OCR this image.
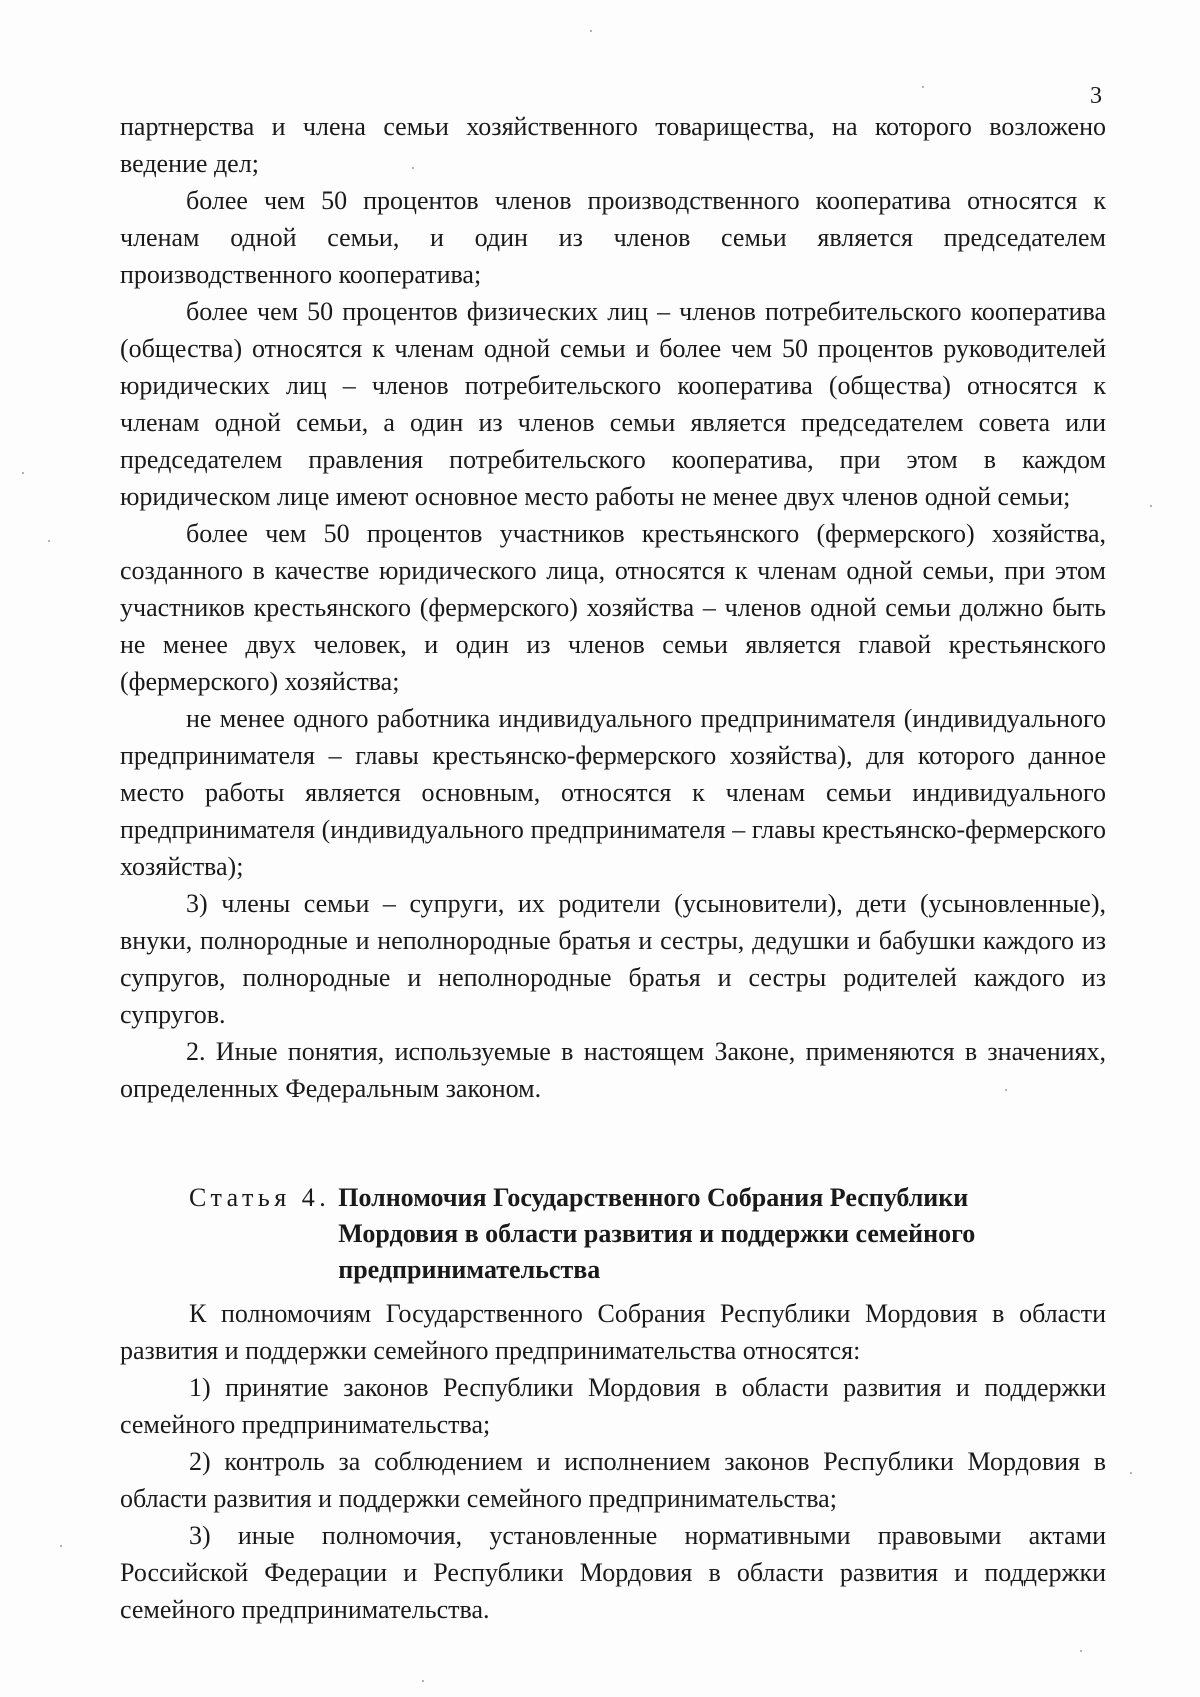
3

партнерства и члена семьи хозяйственного товарищества, на которого возложено ведение дел;

более чем 50 процентов членов производственного кооператива относятся к членам одной семьи, и один из членов семьи является председателем производственного кооператива;

более чем 50 процентов физических лиц – членов потребительского кооператива (общества) относятся к членам одной семьи и более чем 50 процентов руководителей юридических лиц – членов потребительского кооператива (общества) относятся к членам одной семьи, а один из членов семьи является председателем совета или председателем правления потребительского кооператива, при этом в каждом юридическом лице имеют основное место работы не менее двух членов одной семьи;

более чем 50 процентов участников крестьянского (фермерского) хозяйства, созданного в качестве юридического лица, относятся к членам одной семьи, при этом участников крестьянского (фермерского) хозяйства – членов одной семьи должно быть не менее двух человек, и один из членов семьи является главой крестьянского (фермерского) хозяйства;

не менее одного работника индивидуального предпринимателя (индивидуального предпринимателя – главы крестьянско-фермерского хозяйства), для которого данное место работы является основным, относятся к членам семьи индивидуального предпринимателя (индивидуального предпринимателя – главы крестьянско-фермерского хозяйства);

3) члены семьи – супруги, их родители (усыновители), дети (усыновленные), внуки, полнородные и неполнородные братья и сестры, дедушки и бабушки каждого из супругов, полнородные и неполнородные братья и сестры родителей каждого из супругов.

2. Иные понятия, используемые в настоящем Законе, применяются в значениях, определенных Федеральным законом.

Статья 4. Полномочия Государственного Собрания Республики Мордовия в области развития и поддержки семейного предпринимательства

К полномочиям Государственного Собрания Республики Мордовия в области развития и поддержки семейного предпринимательства относятся:

1) принятие законов Республики Мордовия в области развития и поддержки семейного предпринимательства;

2) контроль за соблюдением и исполнением законов Республики Мордовия в области развития и поддержки семейного предпринимательства;

3) иные полномочия, установленные нормативными правовыми актами Российской Федерации и Республики Мордовия в области развития и поддержки семейного предпринимательства.
